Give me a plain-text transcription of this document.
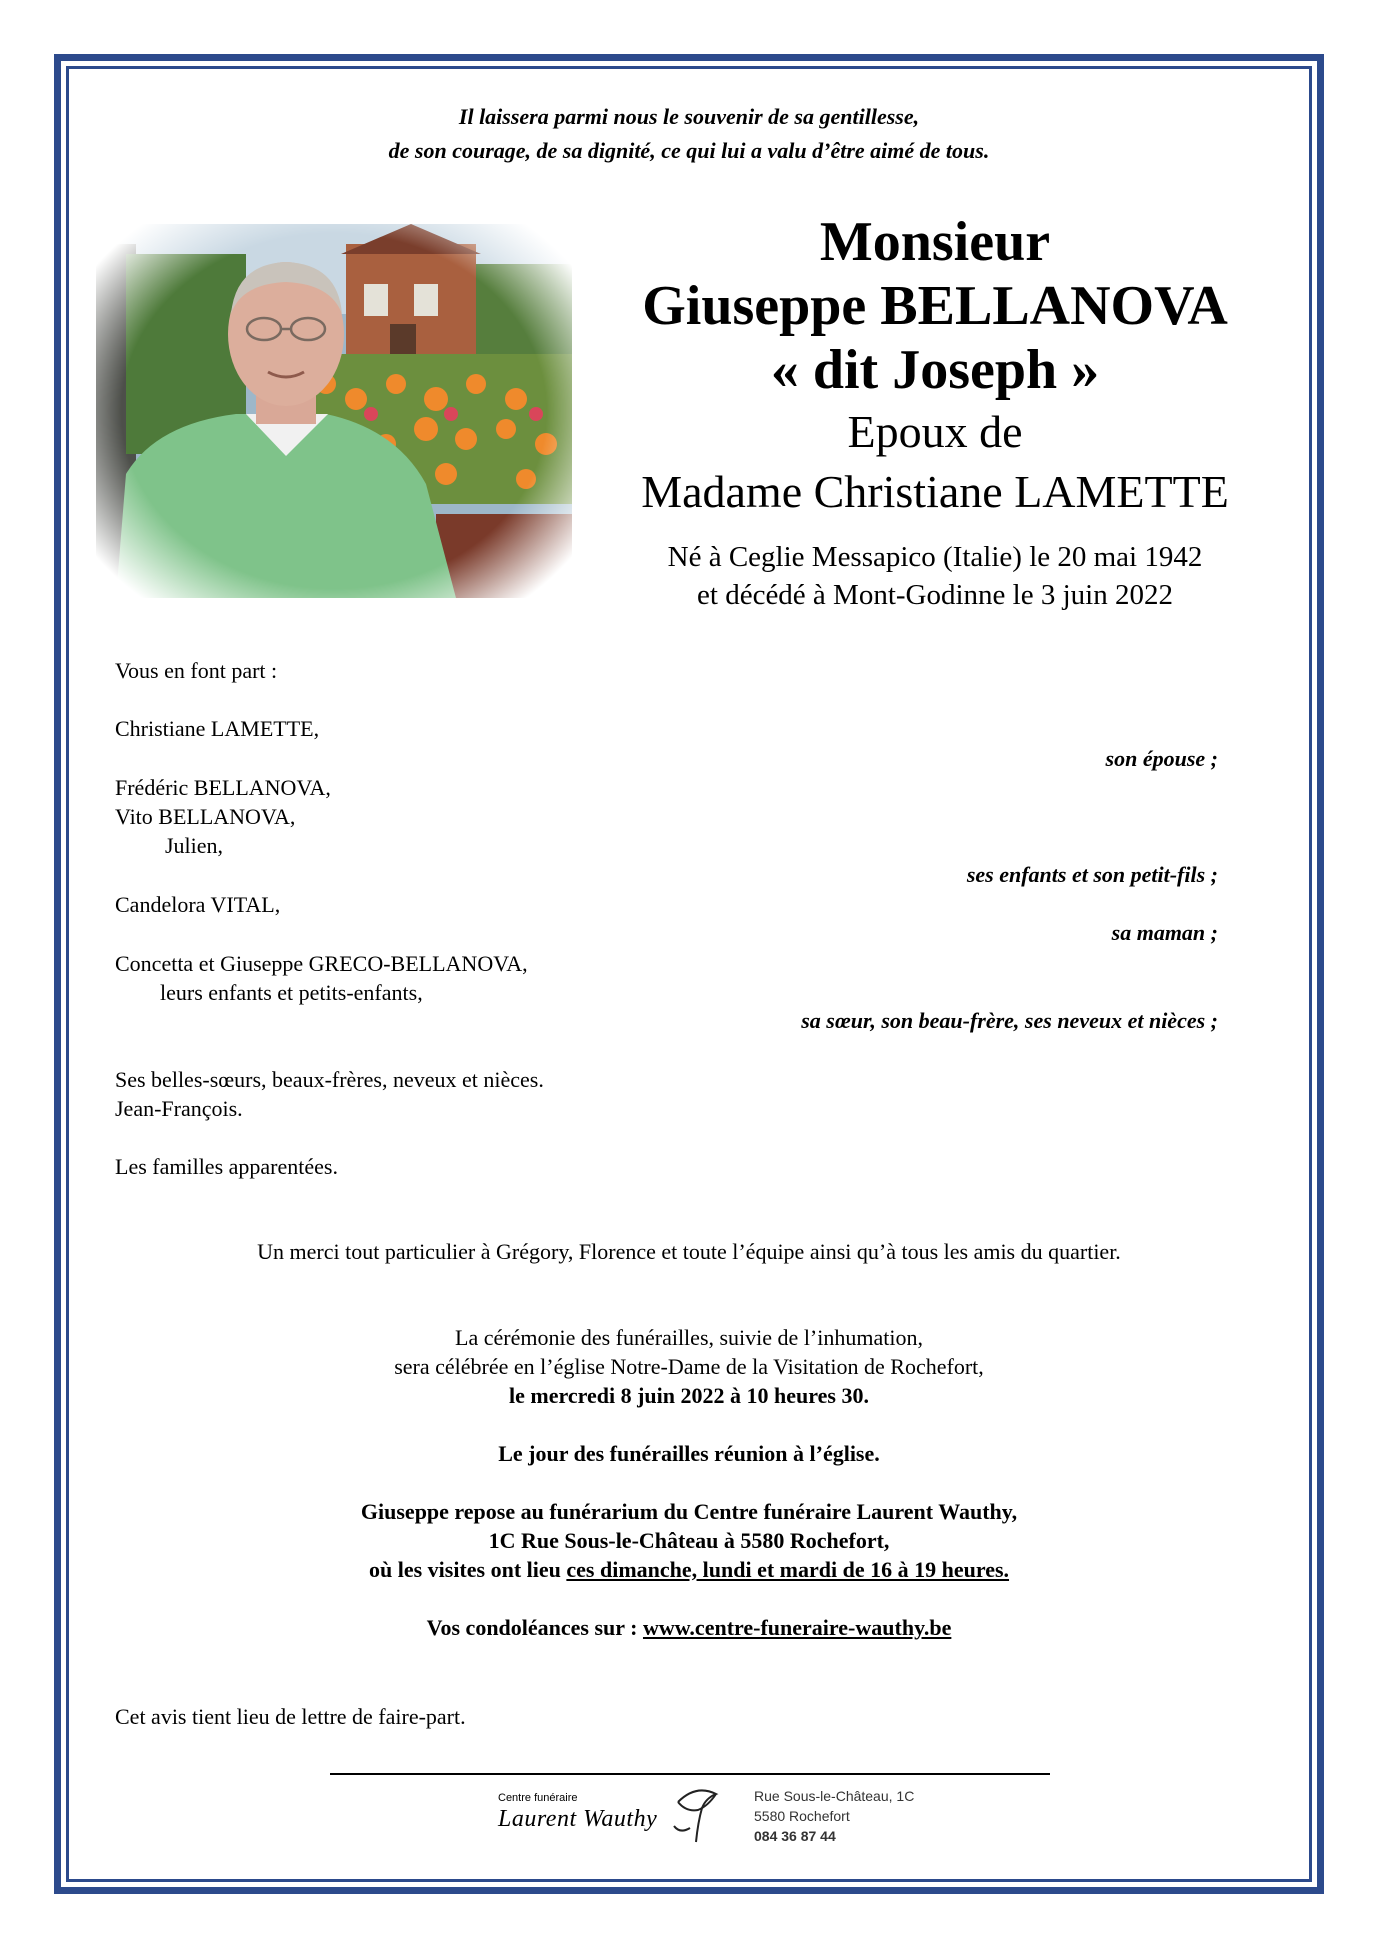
Il laissera parmi nous le souvenir de sa gentillesse,
de son courage, de sa dignité, ce qui lui a valu d’être aimé de tous.
Monsieur
Giuseppe BELLANOVA
« dit Joseph »
Epoux de
Madame Christiane LAMETTE
Né à Ceglie Messapico (Italie) le 20 mai 1942
et décédé à Mont-Godinne le 3 juin 2022
Vous en font part :
Christiane LAMETTE,
son épouse ;
Frédéric BELLANOVA,
Vito BELLANOVA,
Julien,
ses enfants et son petit-fils ;
Candelora VITAL,
sa maman ;
Concetta et Giuseppe GRECO-BELLANOVA,
leurs enfants et petits-enfants,
sa sœur, son beau-frère, ses neveux et nièces ;
Ses belles-sœurs, beaux-frères, neveux et nièces.
Jean-François.
Les familles apparentées.
Un merci tout particulier à Grégory, Florence et toute l’équipe ainsi qu’à tous les amis du quartier.
La cérémonie des funérailles, suivie de l’inhumation,
sera célébrée en l’église Notre-Dame de la Visitation de Rochefort,
le mercredi 8 juin 2022 à 10 heures 30.
Le jour des funérailles réunion à l’église.
Giuseppe repose au funérarium du Centre funéraire Laurent Wauthy,
1C Rue Sous-le-Château à 5580 Rochefort,
où les visites ont lieu ces dimanche, lundi et mardi de 16 à 19 heures.
Vos condoléances sur : www.centre-funeraire-wauthy.be
Cet avis tient lieu de lettre de faire-part.
Centre funéraire
Laurent Wauthy
Rue Sous-le-Château, 1C
5580 Rochefort
084 36 87 44
